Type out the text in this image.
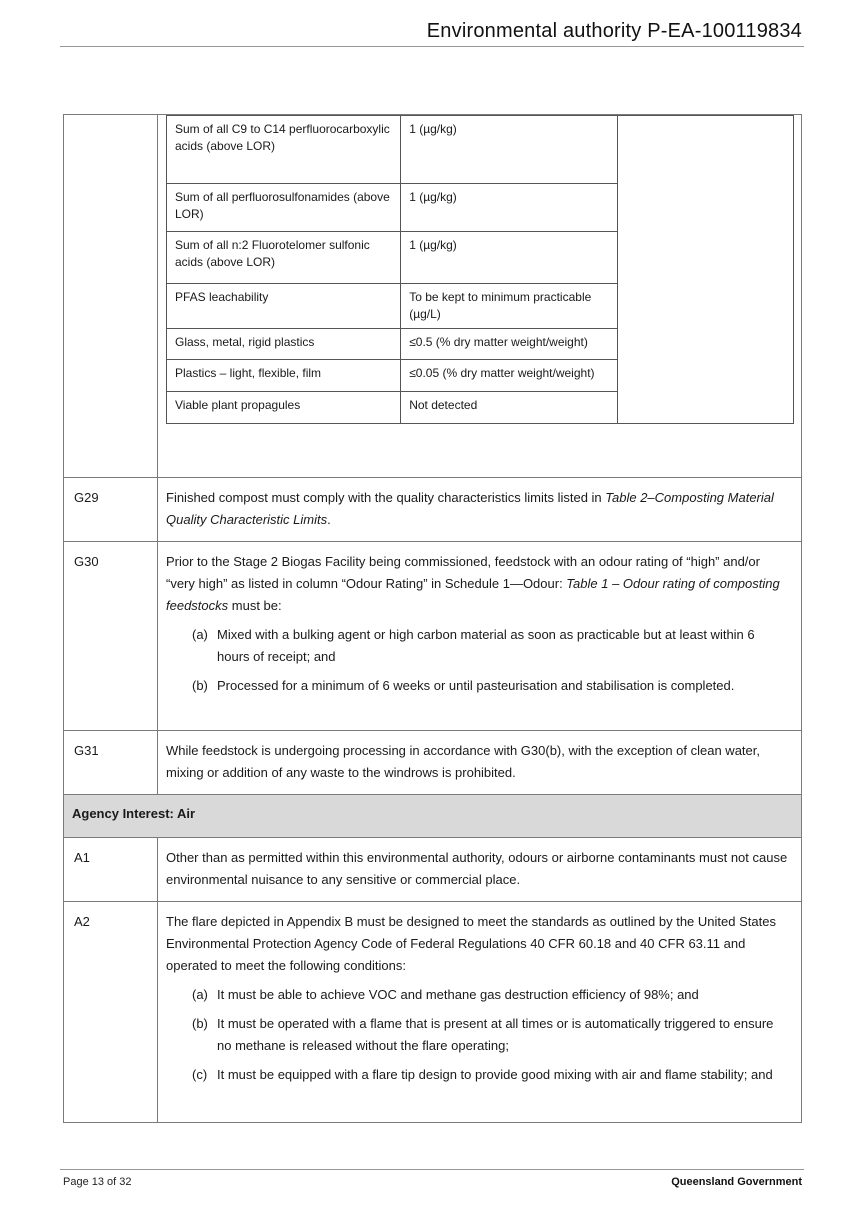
Environmental authority P-EA-100119834

Sum of all C9 to C14 perfluorocarboxylic acids (above LOR)	1 (µg/kg)	
Sum of all perfluorosulfonamides (above LOR)	1 (µg/kg)
Sum of all n:2 Fluorotelomer sulfonic acids (above LOR)	1 (µg/kg)
PFAS leachability	To be kept to minimum practicable (µg/L)
Glass, metal, rigid plastics	≤0.5 (% dry matter weight/weight)
Plastics – light, flexible, film	≤0.05 (% dry matter weight/weight)
Viable plant propagules	Not detected

G29	Finished compost must comply with the quality characteristics limits listed in Table 2–Composting Material Quality Characteristic Limits.

G30	Prior to the Stage 2 Biogas Facility being commissioned, feedstock with an odour rating of “high” and/or “very high” as listed in column “Odour Rating” in Schedule 1—Odour: Table 1 – Odour rating of composting feedstocks must be:

(a) Mixed with a bulking agent or high carbon material as soon as practicable but at least within 6 hours of receipt; and
(b) Processed for a minimum of 6 weeks or until pasteurisation and stabilisation is completed.

G31	While feedstock is undergoing processing in accordance with G30(b), with the exception of clean water, mixing or addition of any waste to the windrows is prohibited.
Agency Interest: Air
A1	Other than as permitted within this environmental authority, odours or airborne contaminants must not cause environmental nuisance to any sensitive or commercial place.
A2	The flare depicted in Appendix B must be designed to meet the standards as outlined by the United States Environmental Protection Agency Code of Federal Regulations 40 CFR 60.18 and 40 CFR 63.11 and operated to meet the following conditions:

(a) It must be able to achieve VOC and methane gas destruction efficiency of 98%; and
(b) It must be operated with a flame that is present at all times or is automatically triggered to ensure no methane is released without the flare operating;
(c) It must be equipped with a flare tip design to provide good mixing with air and flame stability; and
Page 13 of 32	Queensland Government
